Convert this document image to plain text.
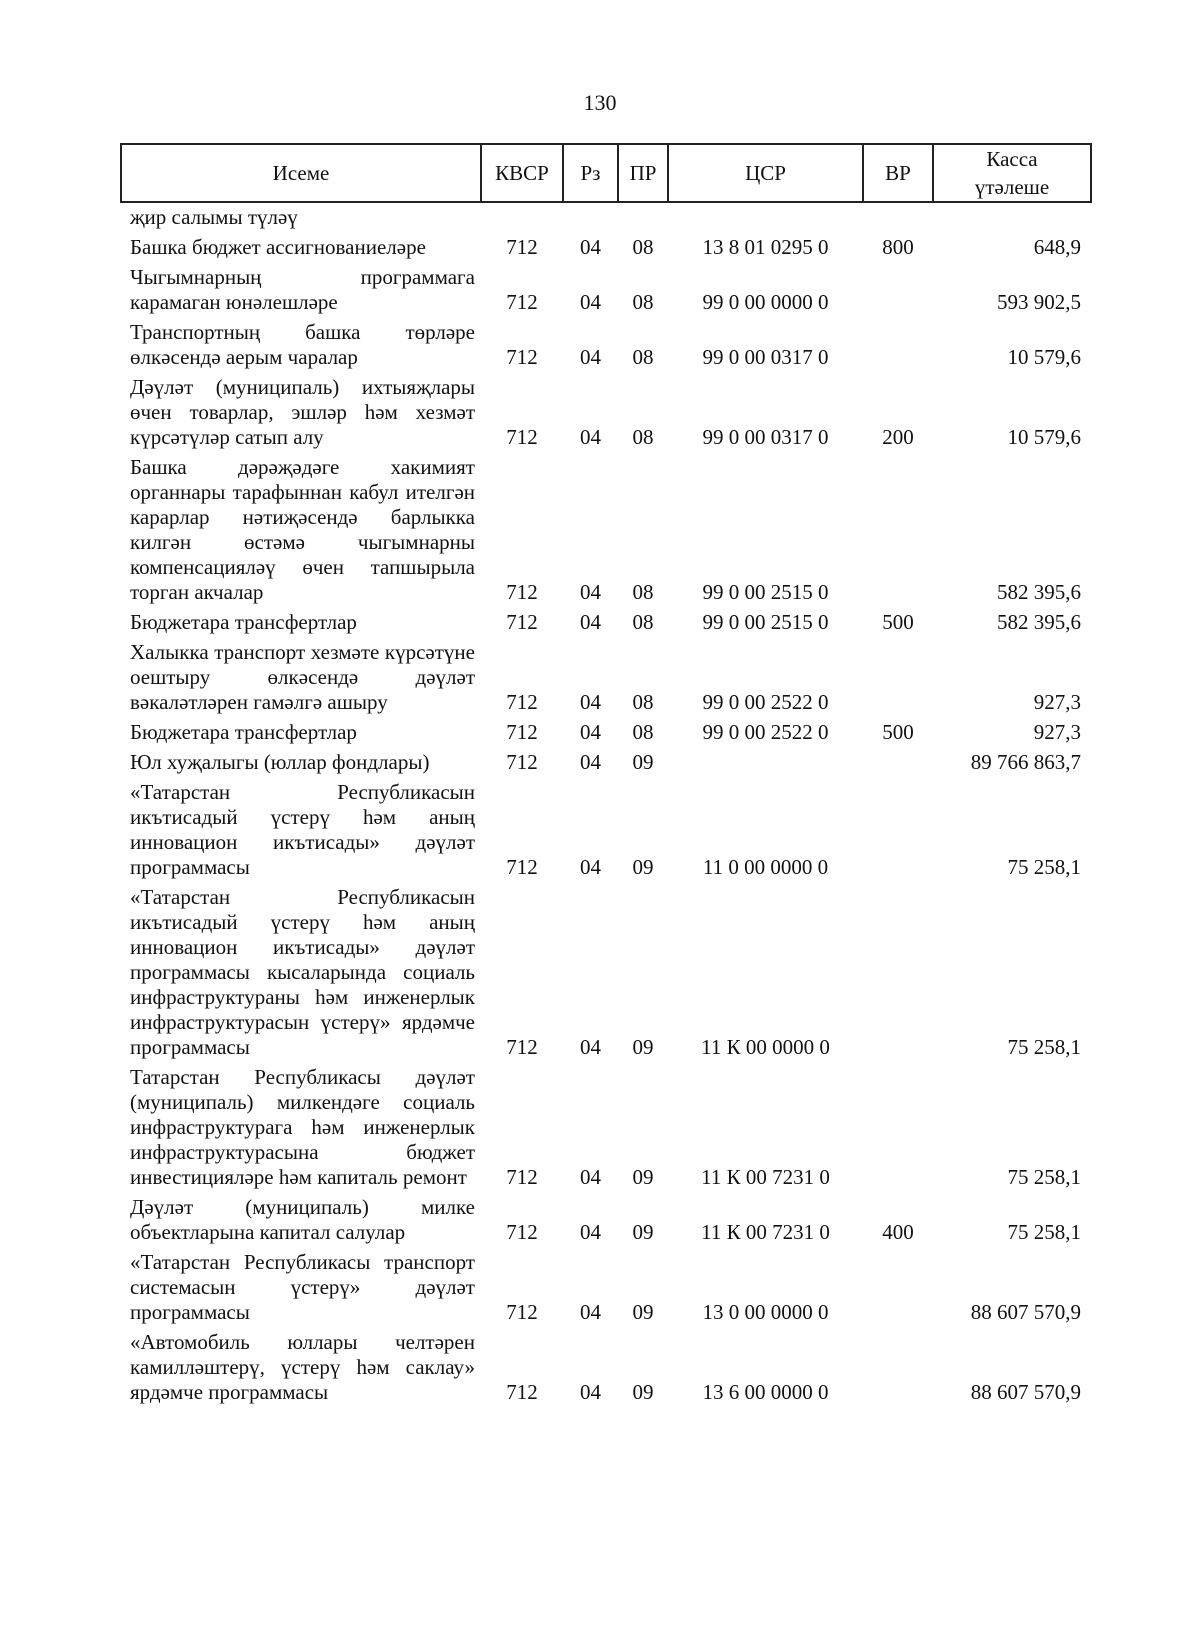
130
Исеме	КВСР	Рз	ПР	ЦСР	ВР	Касса
үтәлеше

җир салымы түләү						
Башка бюджет ассигнованиеләре	712	04	08	13 8 01 0295 0	800	648,9
Чыгымнарның программага карамаган юнәлешләре	712	04	08	99 0 00 0000 0		593 902,5
Транспортның башка төрләре өлкәсендә аерым чаралар	712	04	08	99 0 00 0317 0		10 579,6
Дәүләт (муниципаль) ихтыяҗлары өчен товарлар, эшләр һәм хезмәт күрсәтүләр сатып алу	712	04	08	99 0 00 0317 0	200	10 579,6
Башка дәрәҗәдәге хакимият органнары тарафыннан кабул ителгән карарлар нәтиҗәсендә барлыкка килгән өстәмә чыгымнарны компенсацияләү өчен тапшырыла торган акчалар	712	04	08	99 0 00 2515 0		582 395,6
Бюджетара трансфертлар	712	04	08	99 0 00 2515 0	500	582 395,6
Халыкка транспорт хезмәте күрсәтүне оештыру өлкәсендә дәүләт вәкаләтләрен гамәлгә ашыру	712	04	08	99 0 00 2522 0		927,3
Бюджетара трансфертлар	712	04	08	99 0 00 2522 0	500	927,3
Юл хуҗалыгы (юллар фондлары)	712	04	09			89 766 863,7
«Татарстан Республикасын икътисадый үстерү һәм аның инновацион икътисады» дәүләт программасы	712	04	09	11 0 00 0000 0		75 258,1
«Татарстан Республикасын икътисадый үстерү һәм аның инновацион икътисады» дәүләт программасы кысаларында социаль инфраструктураны һәм инженерлык инфраструктурасын үстерү» ярдәмче программасы	712	04	09	11 К 00 0000 0		75 258,1
Татарстан Республикасы дәүләт (муниципаль) милкендәге социаль инфраструктурага һәм инженерлык инфраструктурасына бюджет инвестицияләре һәм капиталь ремонт	712	04	09	11 К 00 7231 0		75 258,1
Дәүләт (муниципаль) милке объектларына капитал салулар	712	04	09	11 К 00 7231 0	400	75 258,1
«Татарстан Республикасы транспорт системасын үстерү» дәүләт программасы	712	04	09	13 0 00 0000 0		88 607 570,9
«Автомобиль юллары челтәрен камилләштерү, үстерү һәм саклау» ярдәмче программасы	712	04	09	13 6 00 0000 0		88 607 570,9
